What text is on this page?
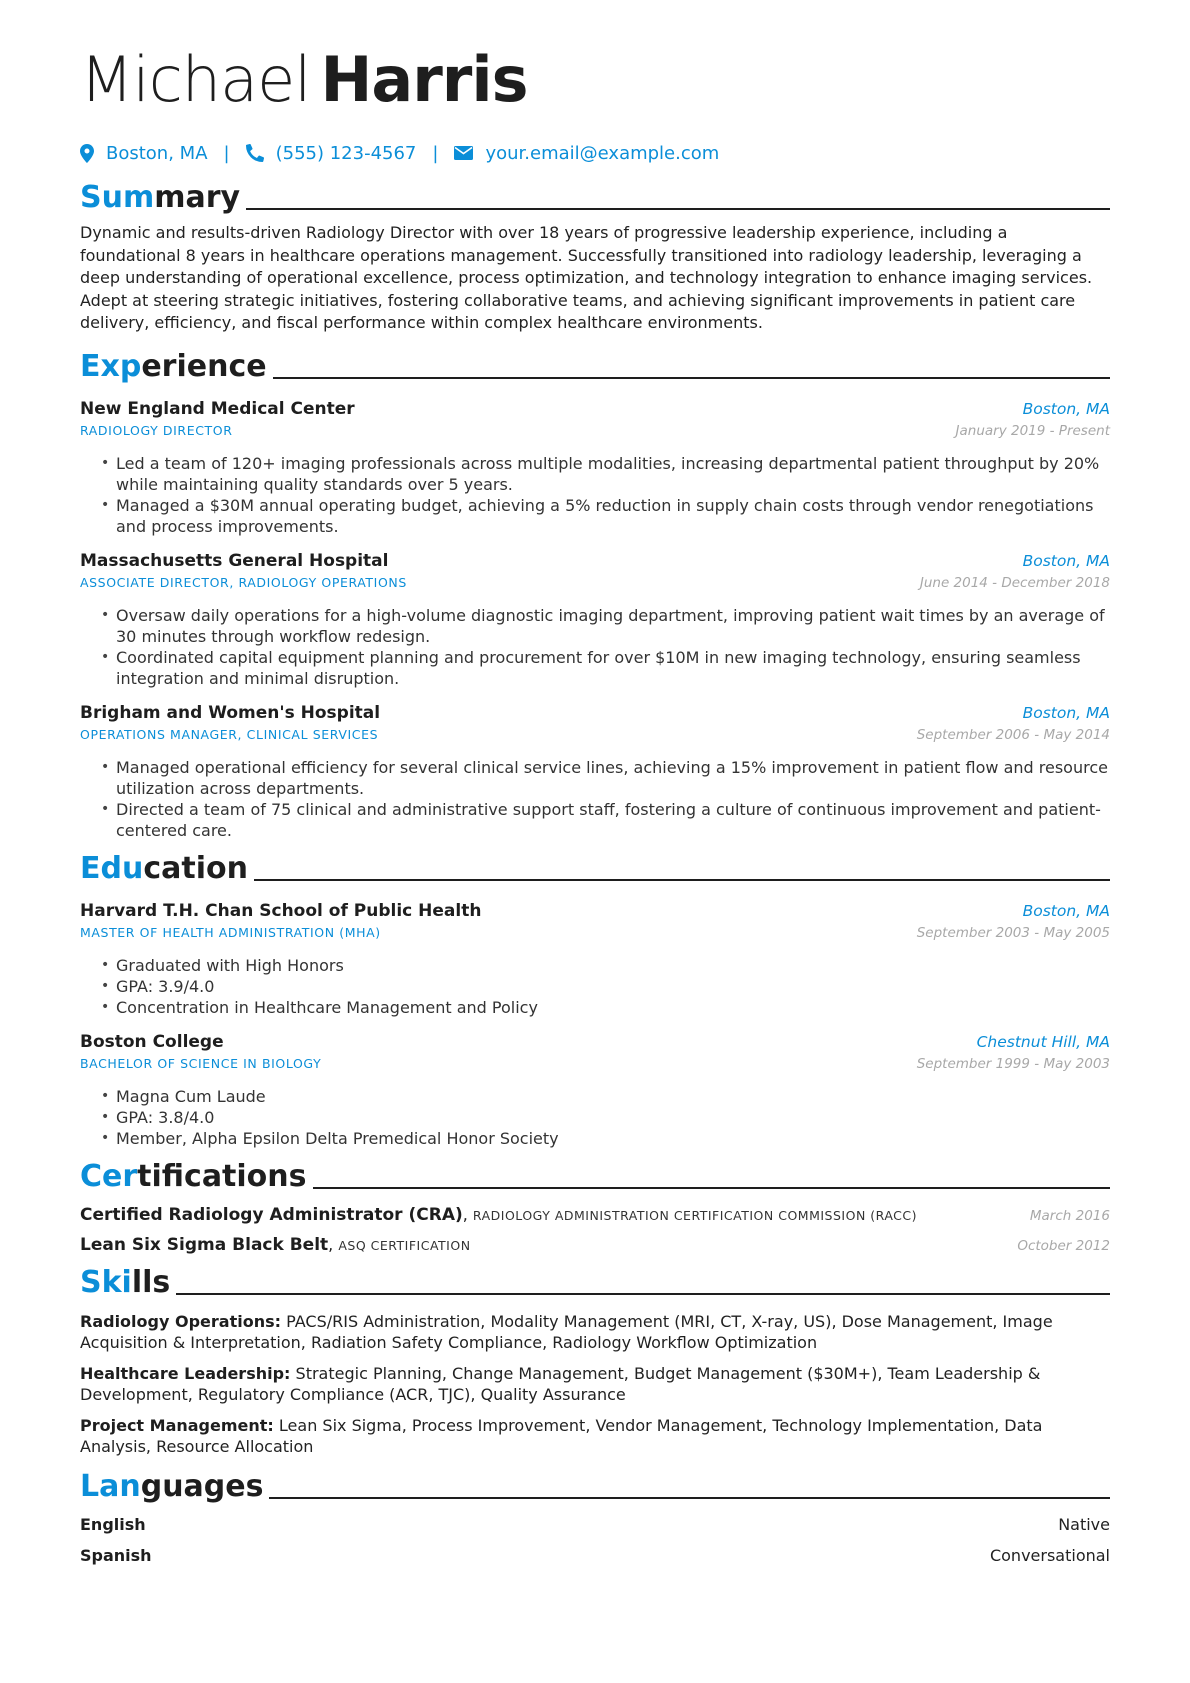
Michael Harris
Boston, MA |	(555) 123-4567 |	your.email@example.com
Summary
Dynamic and results-driven Radiology Director with over 18 years of progressive leadership experience, including a foundational 8 years in healthcare operations management. Successfully transitioned into radiology leadership, leveraging a deep understanding of operational excellence, process optimization, and technology integration to enhance imaging services. Adept at steering strategic initiatives, fostering collaborative teams, and achieving significant improvements in patient care delivery, efficiency, and fiscal performance within complex healthcare environments.
Experience
New England Medical Center	Boston, MA
RADIOLOGY DIRECTOR	January 2019 - Present
• Led a team of 120+ imaging professionals across multiple modalities, increasing departmental patient throughput by 20% while maintaining quality standards over 5 years.
• Managed a $30M annual operating budget, achieving a 5% reduction in supply chain costs through vendor renegotiations and process improvements.
Massachusetts General Hospital	Boston, MA
ASSOCIATE DIRECTOR, RADIOLOGY OPERATIONS	June 2014 - December 2018
• Oversaw daily operations for a high-volume diagnostic imaging department, improving patient wait times by an average of 30 minutes through workflow redesign.
• Coordinated capital equipment planning and procurement for over $10M in new imaging technology, ensuring seamless integration and minimal disruption.
Brigham and Women's Hospital	Boston, MA
OPERATIONS MANAGER, CLINICAL SERVICES	September 2006 - May 2014
• Managed operational efficiency for several clinical service lines, achieving a 15% improvement in patient flow and resource utilization across departments.
• Directed a team of 75 clinical and administrative support staff, fostering a culture of continuous improvement and patient-centered care.
Education
Harvard T.H. Chan School of Public Health	Boston, MA
MASTER OF HEALTH ADMINISTRATION (MHA)	September 2003 - May 2005
• Graduated with High Honors
• GPA: 3.9/4.0
• Concentration in Healthcare Management and Policy
Boston College	Chestnut Hill, MA
BACHELOR OF SCIENCE IN BIOLOGY	September 1999 - May 2003
• Magna Cum Laude
• GPA: 3.8/4.0
• Member, Alpha Epsilon Delta Premedical Honor Society
Certifications
Certified Radiology Administrator (CRA), RADIOLOGY ADMINISTRATION CERTIFICATION COMMISSION (RACC)	March 2016
Lean Six Sigma Black Belt, ASQ CERTIFICATION	October 2012
Skills
Radiology Operations: PACS/RIS Administration, Modality Management (MRI, CT, X-ray, US), Dose Management, Image Acquisition & Interpretation, Radiation Safety Compliance, Radiology Workflow Optimization
Healthcare Leadership: Strategic Planning, Change Management, Budget Management ($30M+), Team Leadership & Development, Regulatory Compliance (ACR, TJC), Quality Assurance
Project Management: Lean Six Sigma, Process Improvement, Vendor Management, Technology Implementation, Data Analysis, Resource Allocation
Languages
English	Native
Spanish	Conversational
